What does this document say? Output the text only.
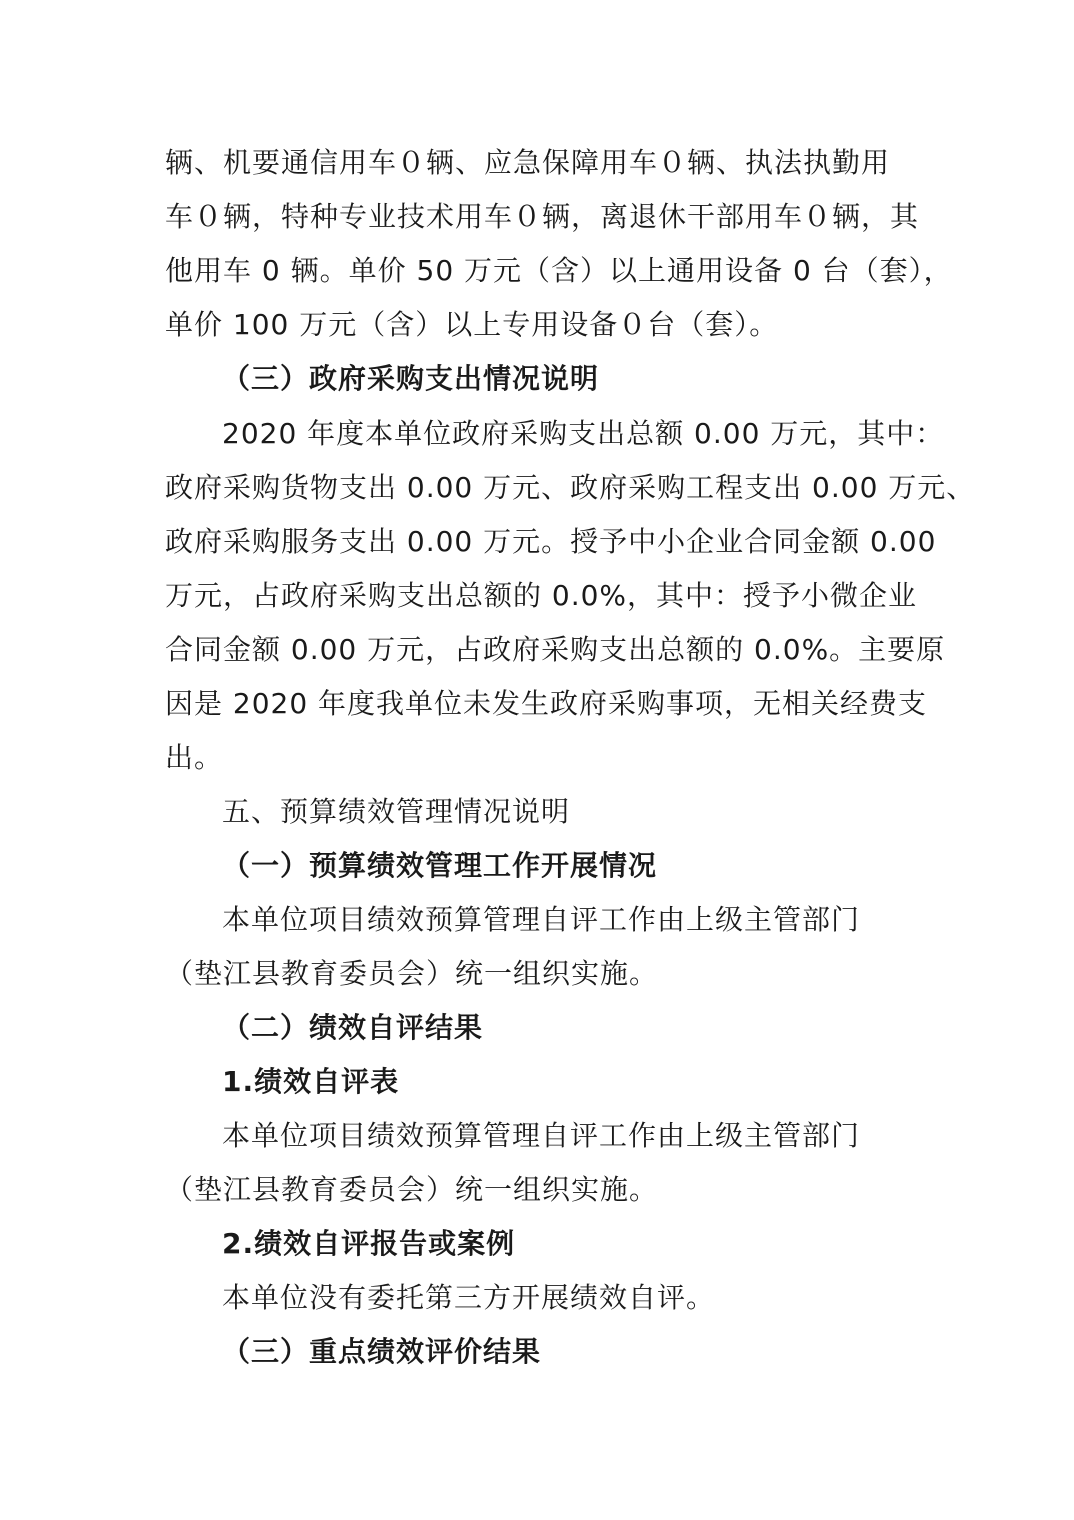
辆、机要通信用车０辆、应急保障用车０辆、执法执勤用
车０辆，特种专业技术用车０辆，离退休干部用车０辆，其
他用车 0 辆。单价 50 万元（含）以上通用设备 0 台（套），
单价 100 万元（含）以上专用设备０台（套）。
（三）政府采购支出情况说明
2020 年度本单位政府采购支出总额 0.00 万元，其中：
政府采购货物支出 0.00 万元、政府采购工程支出 0.00 万元、
政府采购服务支出 0.00 万元。授予中小企业合同金额 0.00
万元，占政府采购支出总额的 0.0%，其中：授予小微企业
合同金额 0.00 万元，占政府采购支出总额的 0.0%。主要原
因是 2020 年度我单位未发生政府采购事项，无相关经费支
出。
五、预算绩效管理情况说明
（一）预算绩效管理工作开展情况
本单位项目绩效预算管理自评工作由上级主管部门
（垫江县教育委员会）统一组织实施。
（二）绩效自评结果
1.绩效自评表
本单位项目绩效预算管理自评工作由上级主管部门
（垫江县教育委员会）统一组织实施。
2.绩效自评报告或案例
本单位没有委托第三方开展绩效自评。
（三）重点绩效评价结果
